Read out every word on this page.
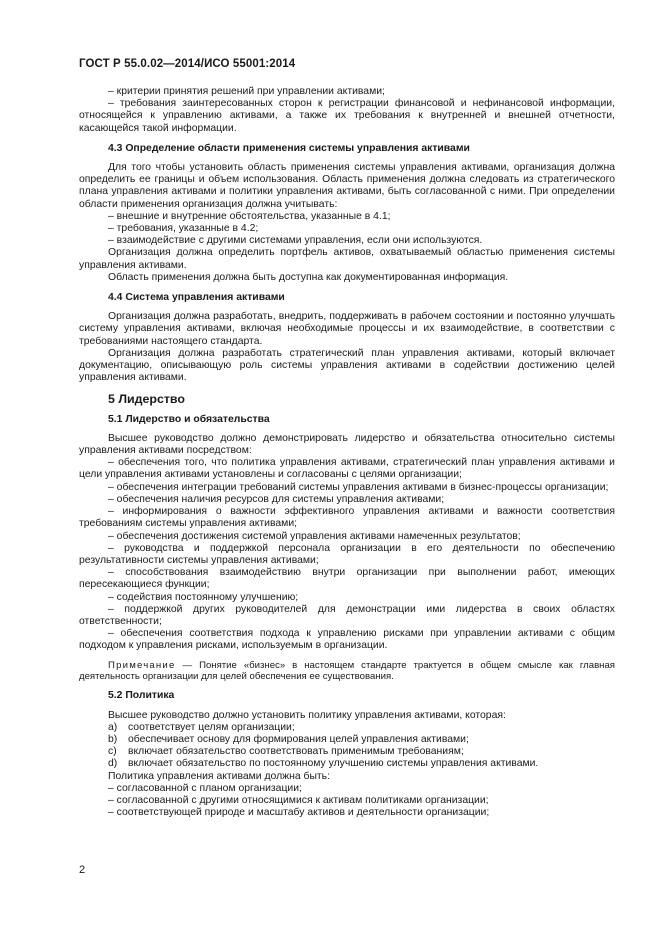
ГОСТ Р 55.0.02—2014/ИСО 55001:2014
– критерии принятия решений при управлении активами;
– требования заинтересованных сторон к регистрации финансовой и нефинансовой информации, относящейся к управлению активами, а также их требования к внутренней и внешней отчетности, касающейся такой информации.
4.3 Определение области применения системы управления активами
Для того чтобы установить область применения системы управления активами, организация должна определить ее границы и объем использования. Область применения должна следовать из стратегического плана управления активами и политики управления активами, быть согласованной с ними. При определении области применения организация должна учитывать:
– внешние и внутренние обстоятельства, указанные в 4.1;
– требования, указанные в 4.2;
– взаимодействие с другими системами управления, если они используются.
Организация должна определить портфель активов, охватываемый областью применения системы управления активами.
Область применения должна быть доступна как документированная информация.
4.4 Система управления активами
Организация должна разработать, внедрить, поддерживать в рабочем состоянии и постоянно улучшать систему управления активами, включая необходимые процессы и их взаимодействие, в соответствии с требованиями настоящего стандарта.
Организация должна разработать стратегический план управления активами, который включает документацию, описывающую роль системы управления активами в содействии достижению целей управления активами.
5 Лидерство
5.1 Лидерство и обязательства
Высшее руководство должно демонстрировать лидерство и обязательства относительно системы управления активами посредством:
– обеспечения того, что политика управления активами, стратегический план управления активами и цели управления активами установлены и согласованы с целями организации;
– обеспечения интеграции требований системы управления активами в бизнес-процессы организации;
– обеспечения наличия ресурсов для системы управления активами;
– информирования о важности эффективного управления активами и важности соответствия требованиям системы управления активами;
– обеспечения достижения системой управления активами намеченных результатов;
– руководства и поддержкой персонала организации в его деятельности по обеспечению результативности системы управления активами;
– способствования взаимодействию внутри организации при выполнении работ, имеющих пересекающиеся функции;
– содействия постоянному улучшению;
– поддержкой других руководителей для демонстрации ими лидерства в своих областях ответственности;
– обеспечения соответствия подхода к управлению рисками при управлении активами с общим подходом к управления рисками, используемым в организации.
Примечание — Понятие «бизнес» в настоящем стандарте трактуется в общем смысле как главная деятельность организации для целей обеспечения ее существования.
5.2 Политика
Высшее руководство должно установить политику управления активами, которая:
а) соответствует целям организации;
b) обеспечивает основу для формирования целей управления активами;
c) включает обязательство соответствовать применимым требованиям;
d) включает обязательство по постоянному улучшению системы управления активами.
Политика управления активами должна быть:
– согласованной с планом организации;
– согласованной с другими относящимися к активам политиками организации;
– соответствующей природе и масштабу активов и деятельности организации;
2
